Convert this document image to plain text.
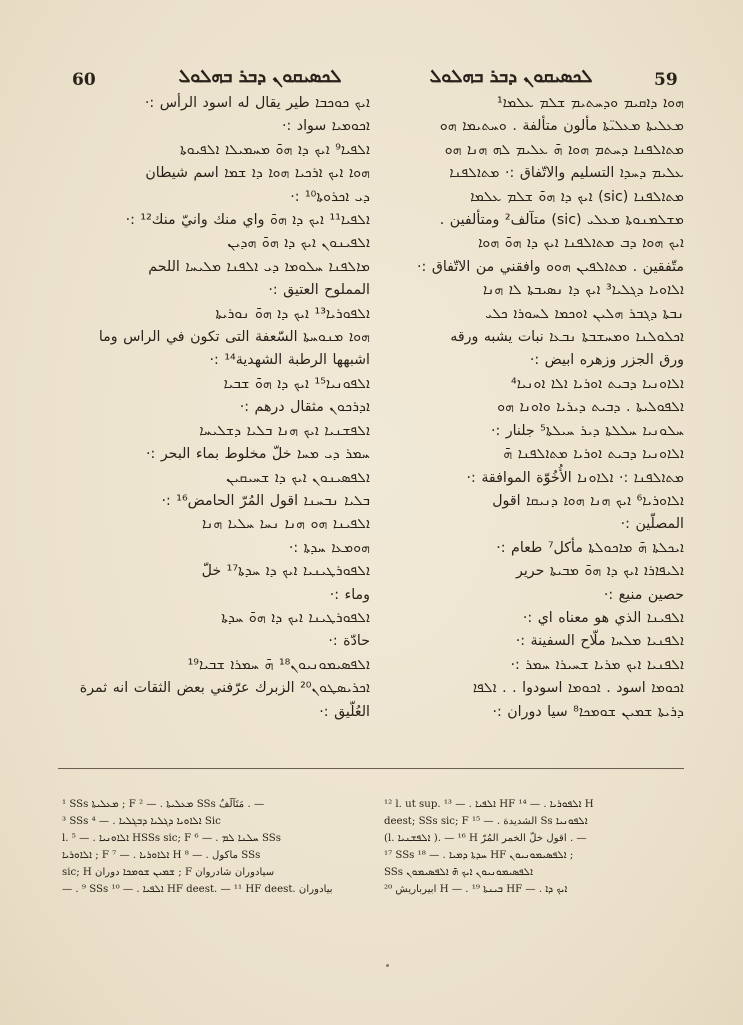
60	ܠܟܣܝܩܘܢ ܕܒܪ ܒܗܠܘܠ	ܠܟܣܝܩܘܢ ܕܒܪ ܒܗܠܘܠ	59

ܗܘܐ ܕܐܩܝܡ ܘܕܚܬܝܡ ܫܠܡ ܥܠܡܐ¹

ܡܥܠܝܬܐ ܡܥܠܝ̈ܬܐ مألون متألفة . ܘܚܬܝܡܐ ܗܘ

ܡܬܐܠܦܢܐ ܕܚܬܡ ܗܘܐ ܗ̄ ܥܠܝܡ ܠܗ ܗܢܐ ܗܘ

ܥܠܝܡ ܕܚܕܐ التسليم والاتّفاق :· ܡܬܐܠܦܢܐ

ܡܬܐܠܦܢܐ (sic) ܐܝܟ ܕܐ ܗܘ̄ ܫܠܡ ܥܠܡܐ

ܡܫܠܡܢܘܬܐ ܡܥܠܝ (sic) متآلف² ومتألفين .

ܐܝܟ ܗܘܐ ܕܒ ܡܬܐܠܦܢܐ ܐܝܟ ܕܐ ܗܘ̄ ܗܘܐ

متّفقين . ܡܬܐܠܦܝܢ ܗܘܘ وافقني من الاتّفاق :·

ܐܠܐܘܝܐ ܕܓܠܝܐ³ ܐܝܟ ܕܐ ܢܣܝܒܬܐ ܠܐ ܗܢܐ

ܢܒܬܐ ܕܓܒܪ ܗܠܝܢ ܐܘܟܡܐ ܠܚܘܪܐ ܟܠܝ

ܐܟܠܘܠܢܐ ܘܡܚܫܒܬܐ ܢܒܥܐ نبات يشبه ورقه

ورق الجزر وزهره ابيض :·

ܐܠܐܘܢܝܐ ܕܒܝܬ ܐܘܪܝܐ ܐܠܐ ܐܘܢܝܐ⁴

ܐܠܦܘܠܝܬܐ . ܕܒܝܬ ܕܝܪܝܐ ܘܐܘܢܐ ܗܘ

ܚܠܘܢܝܐ ܚܠܠܬܐ ܕܝܪ ܚܝܠܬܐ⁵ جلنار :·

ܐܠܐܘܢܝܐ ܕܒܝܬ ܐܘܪܝܐ ܡܬܐܠܦܢܐ ܗ̄

ܡܬܐܠܦܢܐ :· ܐܠܐܘܢܐ الأُخُوّة الموافقة :·

ܐܠܐܘܪܝܐ⁶ ܐܝܟ ܗܢܐ ܗܘܐ ܕܢܝܩܐ اقول

المصلّين :·

ܐܝܟܠܬܐ ܗ̄ ܡܐܟܘܠܬܐ مأكل⁷ طعام :·

ܐܠܝܦܐܪܐ ܐܝܟ ܕܐ ܗܘ̄ ܡܒܝܬܐ حرير

حصين منيع :·

ܐܠܦܝܢܐ الذي هو معناه اي :·

ܐܠܦܢܝܐ ܡܠܚܐ ملّاح السفينة :·

ܐܠܦܢܝܐ ܐܝܟ ܡܪܝܐ ܫܚܝܪܐ ܚܡܪ :·

ܐܟܘܡܐ اسود . ܐܟܘܡܐ اسودوا . . ܐܠܦܐ

ܕܪܝܬܐ ܫܡܝܢ ܫܘܡܟܐ⁸ سيا دوران :·

ܐܝܟ ܟܘܟܒܐ طير يقال له اسود الرأس :·

ܐܟܘܡܝܐ سواد :·

ܐܠܦܝܐ⁹ ܐܝܟ ܕܐ ܗܘ̄ ܡܚܡܝܠܐ ܐܠܦܝܘܬܐ

ܗܘܐ ܐܝܟ ܐܪܟܝܐ ܗܘܐ ܕܐ ܫܡܐ اسم شيطان

ܕܝ ܐܟܪܘܬܐ¹⁰ :·

ܐܠܦܝܐ¹¹ ܐܝܟ ܕܐ ܗܘ̄ واي منك وانيّ منك¹² :·

ܐܠܦܝܢܘܢ ܐܝܟ ܕܐ ܗܘ̄ ܗܕܝܢ

ܡܐܠܦܢܐ ܚܠܘܡܐ ܕܝ ܐܠܦܢܐ ܡܠܝܚܐ اللحم

المملوح العتيق :·

ܐܠܦܘܪܝܐ¹³ ܐܝܟ ܕܐ ܗܘ̄ ܢܘܪܝܬܐ

ܗܘܐ ܡܢܘܚܬܐ السّعفة التى تكون في الراس وما

اشبهها الرطبة الشهدية¹⁴ :·

ܐܠܦܘܢܝܐ¹⁵ ܐܝܟ ܕܐ ܗܘ̄ ܫܒܝܐ

ܐܕܪܟܘܢ مثقال درهم :·

ܐܠܦܫܢܝܐ ܐܝܟ ܗܢܐ ܒܠܝܐ ܕܫܠܝܚܐ

ܚܡܪ ܕܝ ܡܚܐ خلّ مخلوط بماء البحر :·

ܐܠܦܣܝܢܘܢ ܐܝܟ ܕܐ ܫܚܝܩܝܢ

ܒܠܝܐ ܢܒܚܢܐ اقول المُرّ الحامض¹⁶ :·

ܐܠܦܝܢܐ ܗܘ ܗܢܐ ܢܚܐ ܚܠܝܐ ܗܢܐ

ܗܘܡܥܐ ܚܕܬܐ :·

ܐܠܦܘܪܛܝܢܝܐ ܐܝܟ ܕܐ ܚܕܬܐ¹⁷ خلّ

وماء :·

ܐܠܦܘܪܛܝܢܐ ܐܝܟ ܕܐ ܗܘ̄ ܚܕܬܐ

حادّة :·

ܐܠܦܣܝܡܘܢܝܘܢ¹⁸ ܗ̄ ܚܡܪܐ ܫܒܝܐ¹⁹

ܐܟܪܝܣܛܘܢ²⁰ الزبرك عرّفني بعض الثقات انه ثمرة

العُلّيق :·

¹ SSs ܡܥܠܝܬܐ ; F ܡܥܠܝܬܐ . — ² SSs مَتَآلَفٌ . —

³ SSs ܐܠܐܘܝܐ ܕܓܠܝܐ ܕܒܓܠܝܐ . — ⁴ Sic

l. ܐܠܐܘܢܝܐ . — ⁵ HSSs sic; F ܚܠܢܐ ܠܡ . — ⁶ SSs

ܐܠܐܘܪܝܐ ; F ܐܠܐܘܪܝܐ . — ⁷ H ماكول . — ⁸ SSs

sic; H ܫܡܝܢ ܫܘܡܟܐ دوران ; F سیادوران شادروان

— . ⁹ SSs ܐܠܦܝܐ . — ¹⁰ HF deest. — ¹¹ HF deest. بيادوران

¹² l. ut sup. ܐܠܦܝܐ . — ¹³ HF ܐܠܦܘܪܝܐ . — ¹⁴ H

deest; SSs sic; F الشديدة . — ¹⁵ Ss ܐܠܦܘܢܝܐ

(l. ܐܠܦܫܢܝܐ ). — ¹⁶ H اقول خلّ الخمر المُرّ . —

¹⁷ SSs ܚܕܬܐ ܕܡܝܐ . — ¹⁸ HF ܐܠܦܣܝܡܘܢܝܘܢ ;

SSs ܐܠܦܣܝܡܘܢܝܘܢ ܐܝܟ ܗ̄ ܐܠܦܣܝܡܘܢ

ابيرباريش ²⁰ H — . ܒܝܢܬܐ ¹⁹ HF — . ܐܝܟ ܕܐ
